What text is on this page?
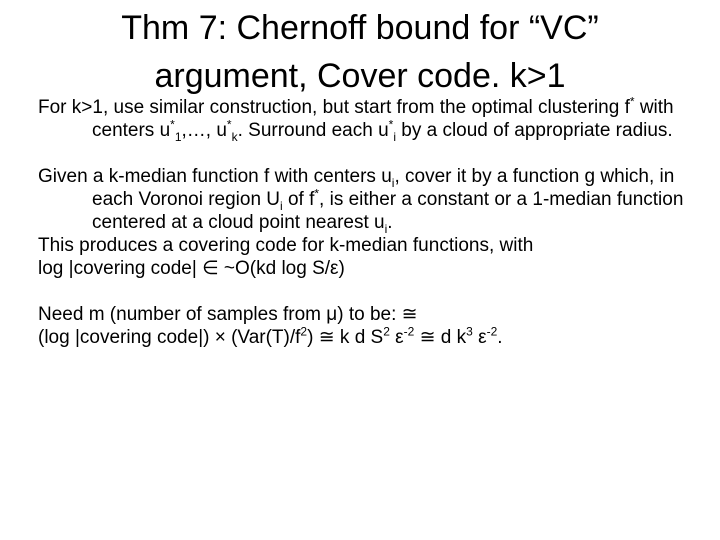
Thm 7: Chernoff bound for “VC”
argument, Cover code. k>1

For k>1, use similar construction, but start from the optimal clustering f* with centers $u^*_1,\dots$, $u^*_k$. Surround each $u^*_i$ by a cloud of appropriate radius.

Given a k-median function f with centers $u_i$, cover it by a function g which, in each Voronoi region $U_i$ of f*, is either a constant or a 1-median function centered at a cloud point nearest $u_i$.

This produces a covering code for k-median functions, with

log |covering code| ∈ ~O(kd log S/ε)

Need m (number of samples from μ) to be: ≅

(log |covering code|) × $(Var(T)/f^2)$ ≅ k d $S^2$ $\varepsilon^{-2}$ ≅ d $k^3$ $\varepsilon^{-2}$.
